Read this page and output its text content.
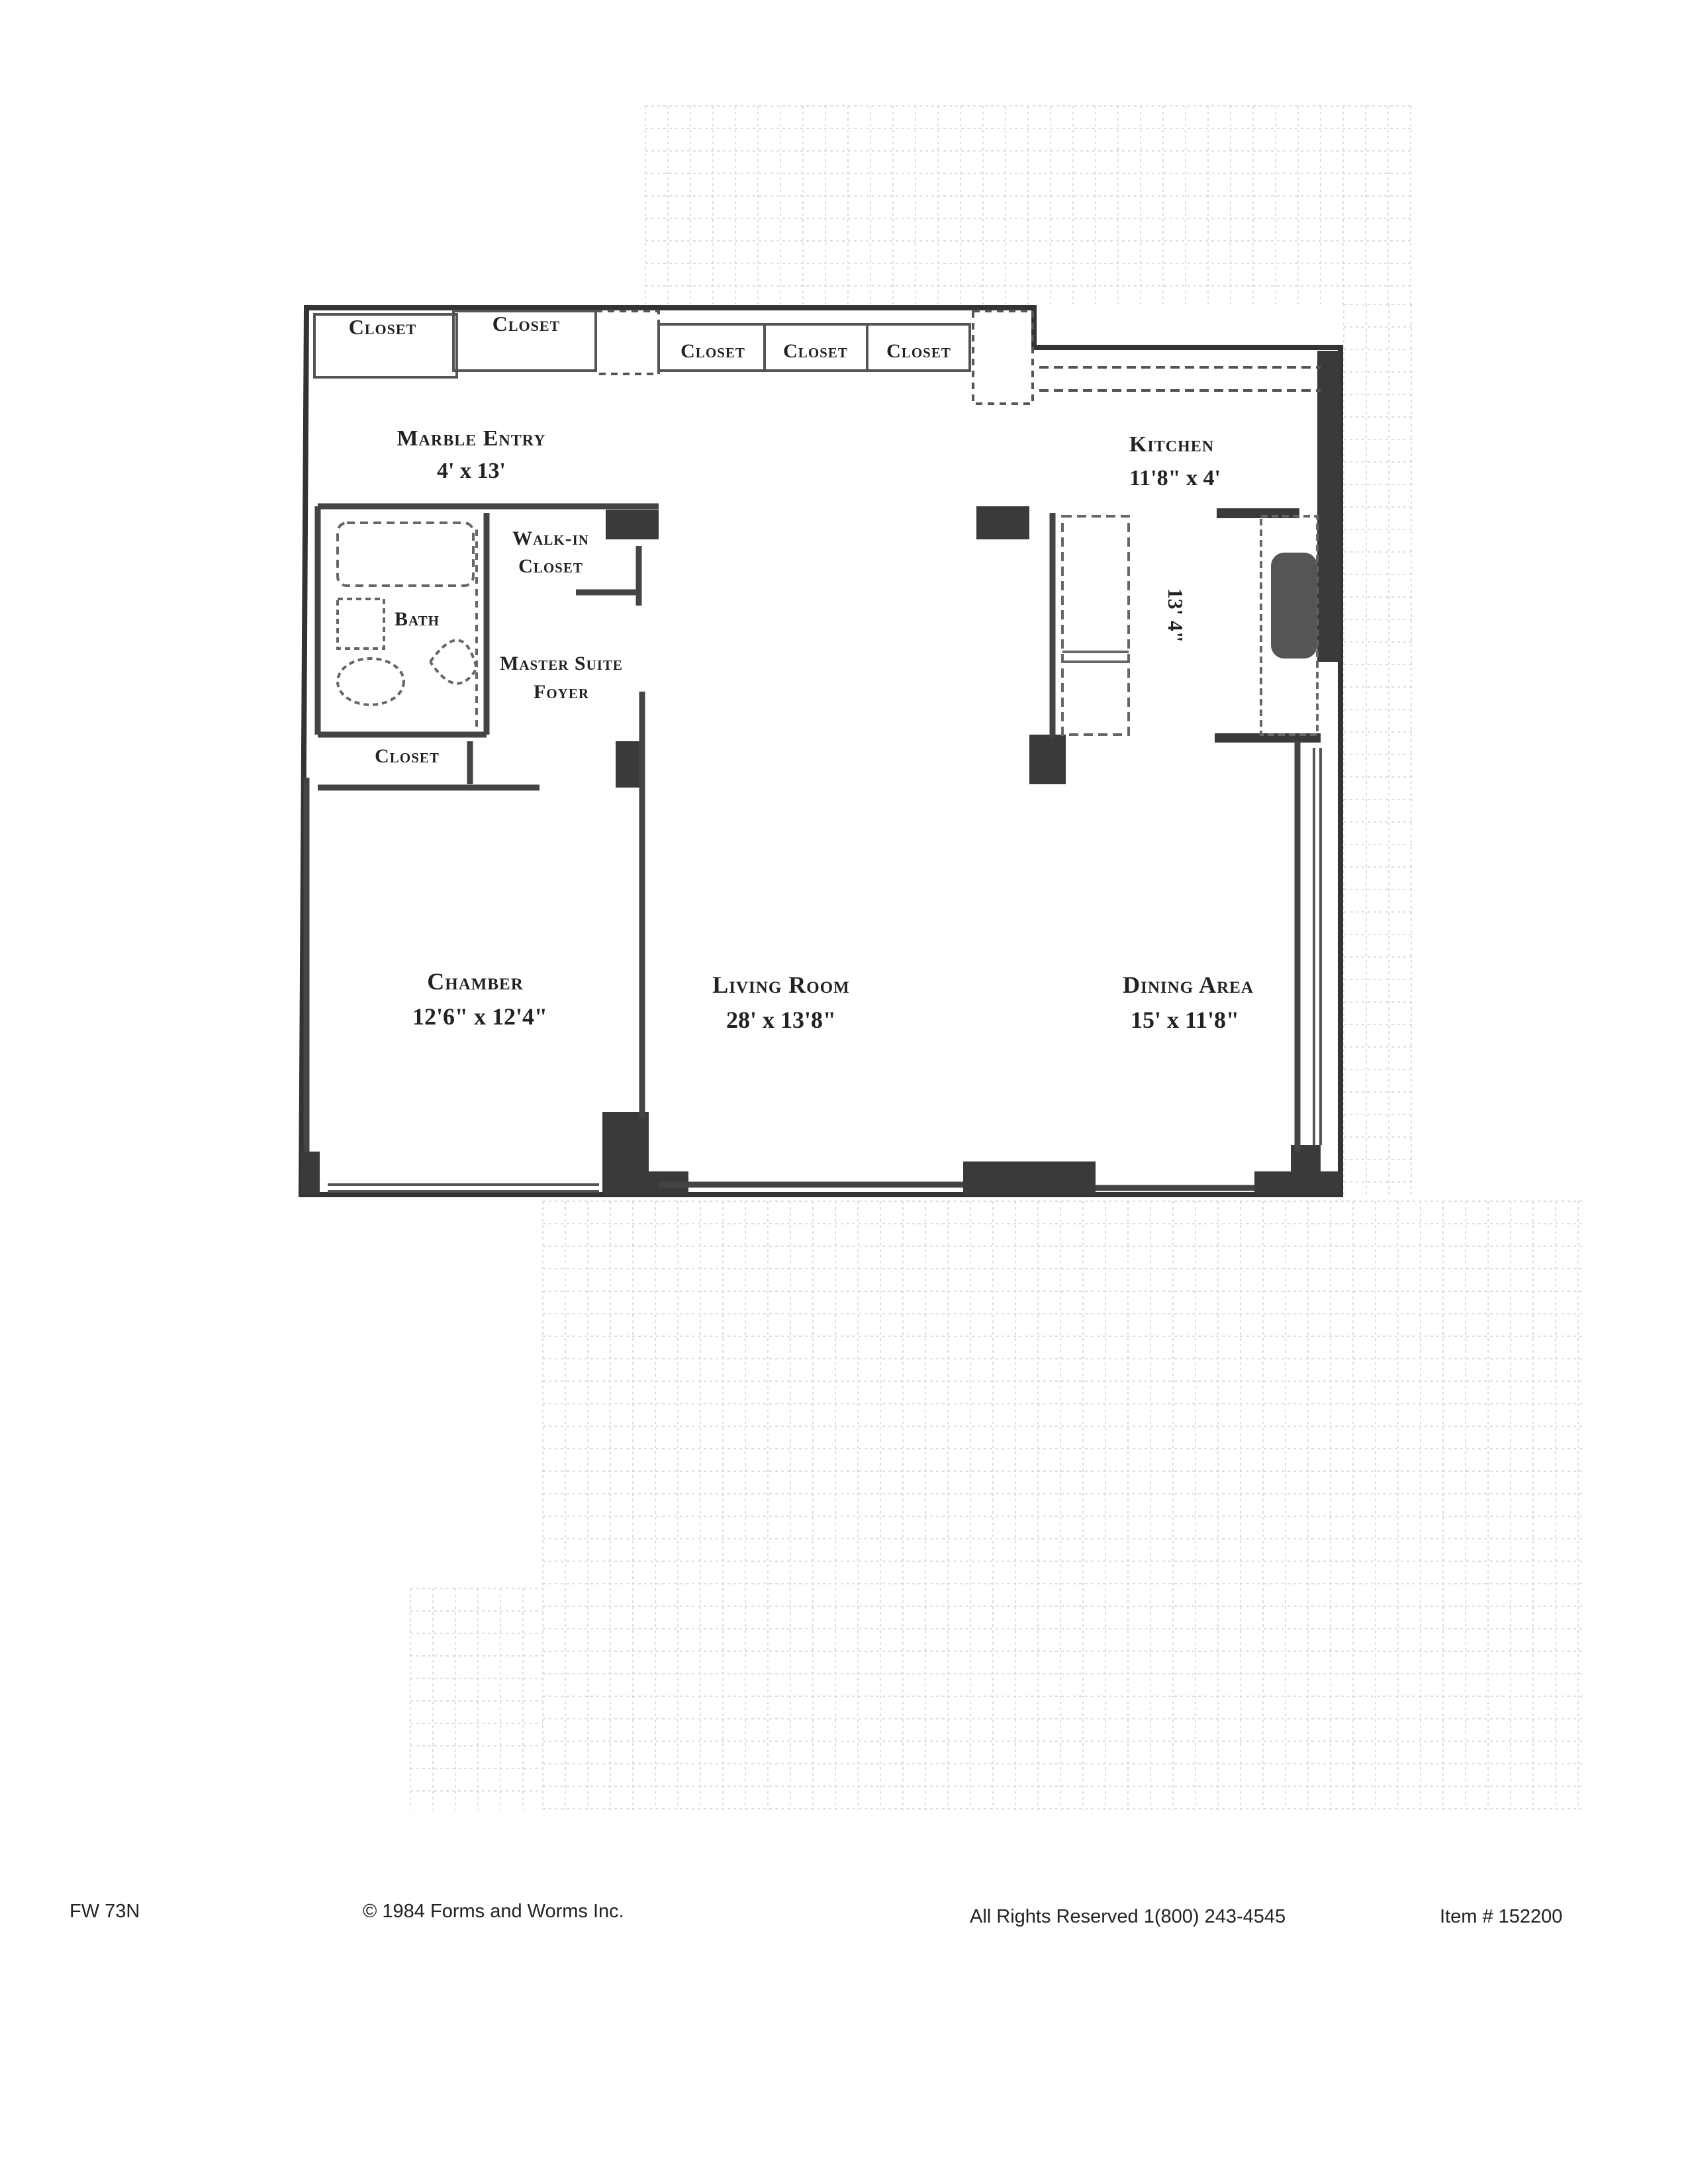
Closet	Closet
Closet Closet Closet
Marble Entry
4' x 13'
Kitchen
11'8" x 4'
13' 4"
Walk-in
Closet
Bath
Master Suite
Foyer
Closet
Chamber
12'6" x 12'4"
Living Room
28' x 13'8"
Dining Area
15' x 11'8"
FW 73N	© 1984 Forms and Worms Inc.	All Rights Reserved 1(800) 243-4545	Item # 152200
